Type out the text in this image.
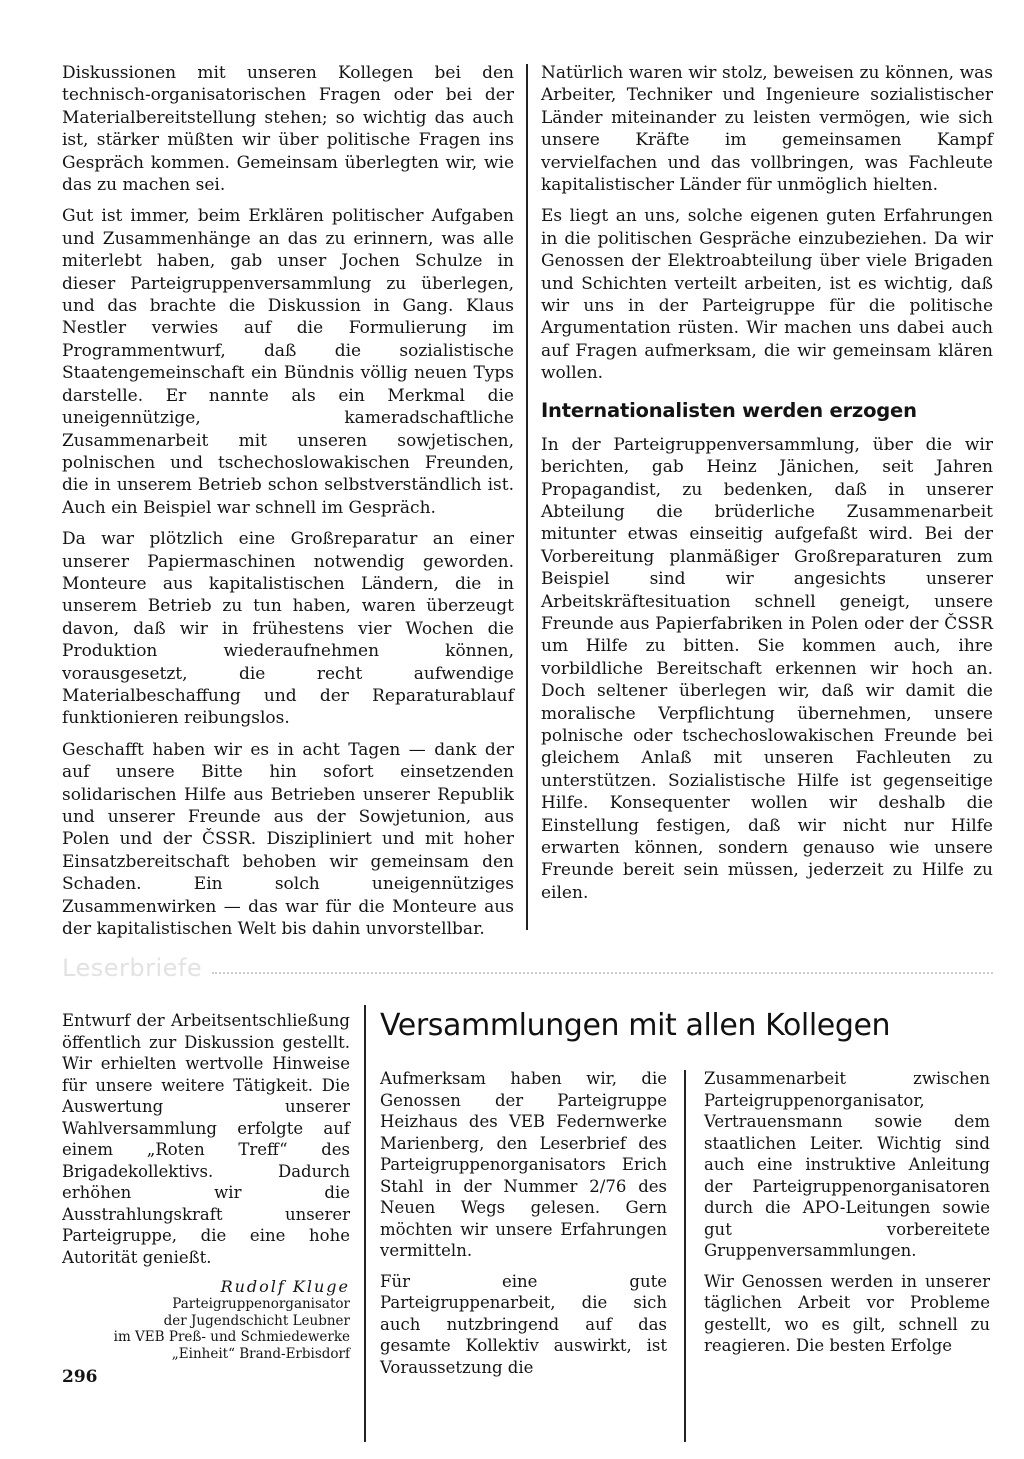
Diskussionen mit unseren Kollegen bei den technisch-organisatorischen Fragen oder bei der Materialbereitstellung stehen; so wichtig das auch ist, stärker müßten wir über politische Fragen ins Gespräch kommen. Gemeinsam überlegten wir, wie das zu machen sei.

Gut ist immer, beim Erklären politischer Aufgaben und Zusammenhänge an das zu erinnern, was alle miterlebt haben, gab unser Jochen Schulze in dieser Parteigruppenversammlung zu überlegen, und das brachte die Diskussion in Gang. Klaus Nestler verwies auf die Formulierung im Programmentwurf, daß die sozialistische Staatengemeinschaft ein Bündnis völlig neuen Typs darstelle. Er nannte als ein Merkmal die uneigennützige, kameradschaftliche Zusammenarbeit mit unseren sowjetischen, polnischen und tschechoslowakischen Freunden, die in unserem Betrieb schon selbstverständlich ist. Auch ein Beispiel war schnell im Gespräch.

Da war plötzlich eine Großreparatur an einer unserer Papiermaschinen notwendig geworden. Monteure aus kapitalistischen Ländern, die in unserem Betrieb zu tun haben, waren überzeugt davon, daß wir in frühestens vier Wochen die Produktion wiederaufnehmen können, vorausgesetzt, die recht aufwendige Materialbeschaffung und der Reparaturablauf funktionieren reibungslos.

Geschafft haben wir es in acht Tagen — dank der auf unsere Bitte hin sofort einsetzenden solidarischen Hilfe aus Betrieben unserer Republik und unserer Freunde aus der Sowjetunion, aus Polen und der ČSSR. Diszipliniert und mit hoher Einsatzbereitschaft behoben wir gemeinsam den Schaden. Ein solch uneigennütziges Zusammenwirken — das war für die Monteure aus der kapitalistischen Welt bis dahin unvorstellbar.

Natürlich waren wir stolz, beweisen zu können, was Arbeiter, Techniker und Ingenieure sozialistischer Länder miteinander zu leisten vermögen, wie sich unsere Kräfte im gemeinsamen Kampf vervielfachen und das vollbringen, was Fachleute kapitalistischer Länder für unmöglich hielten.

Es liegt an uns, solche eigenen guten Erfahrungen in die politischen Gespräche einzubeziehen. Da wir Genossen der Elektroabteilung über viele Brigaden und Schichten verteilt arbeiten, ist es wichtig, daß wir uns in der Parteigruppe für die politische Argumentation rüsten. Wir machen uns dabei auch auf Fragen aufmerksam, die wir gemeinsam klären wollen.

Internationalisten werden erzogen

In der Parteigruppenversammlung, über die wir berichten, gab Heinz Jänichen, seit Jahren Propagandist, zu bedenken, daß in unserer Abteilung die brüderliche Zusammenarbeit mitunter etwas einseitig aufgefaßt wird. Bei der Vorbereitung planmäßiger Großreparaturen zum Beispiel sind wir angesichts unserer Arbeitskräftesituation schnell geneigt, unsere Freunde aus Papierfabriken in Polen oder der ČSSR um Hilfe zu bitten. Sie kommen auch, ihre vorbildliche Bereitschaft erkennen wir hoch an. Doch seltener überlegen wir, daß wir damit die moralische Verpflichtung übernehmen, unsere polnische oder tschechoslowakischen Freunde bei gleichem Anlaß mit unseren Fachleuten zu unterstützen. Sozialistische Hilfe ist gegenseitige Hilfe. Konsequenter wollen wir deshalb die Einstellung festigen, daß wir nicht nur Hilfe erwarten können, sondern genauso wie unsere Freunde bereit sein müssen, jederzeit zu Hilfe zu eilen.

Leserbriefe

Entwurf der Arbeitsentschließung öffentlich zur Diskussion gestellt. Wir erhielten wertvolle Hinweise für unsere weitere Tätigkeit. Die Auswertung unserer Wahlversammlung erfolgte auf einem „Roten Treff“ des Brigadekollektivs. Dadurch erhöhen wir die Ausstrahlungskraft unserer Parteigruppe, die eine hohe Autorität genießt.

Rudolf Kluge
Parteigruppenorganisator
der Jugendschicht Leubner
im VEB Preß- und Schmiedewerke
„Einheit“ Brand-Erbisdorf
Versammlungen mit allen Kollegen

Aufmerksam haben wir, die Genossen der Parteigruppe Heizhaus des VEB Federnwerke Marienberg, den Leserbrief des Parteigruppenorganisators Erich Stahl in der Nummer 2/76 des Neuen Wegs gelesen. Gern möchten wir unsere Erfahrungen vermitteln.

Für eine gute Parteigruppenarbeit, die sich auch nutzbringend auf das gesamte Kollektiv auswirkt, ist Voraussetzung die

Zusammenarbeit zwischen Parteigruppenorganisator, Vertrauensmann sowie dem staatlichen Leiter. Wichtig sind auch eine instruktive Anleitung der Parteigruppenorganisatoren durch die APO-Leitungen sowie gut vorbereitete Gruppenversammlungen.

Wir Genossen werden in unserer täglichen Arbeit vor Probleme gestellt, wo es gilt, schnell zu reagieren. Die besten Erfolge

296
